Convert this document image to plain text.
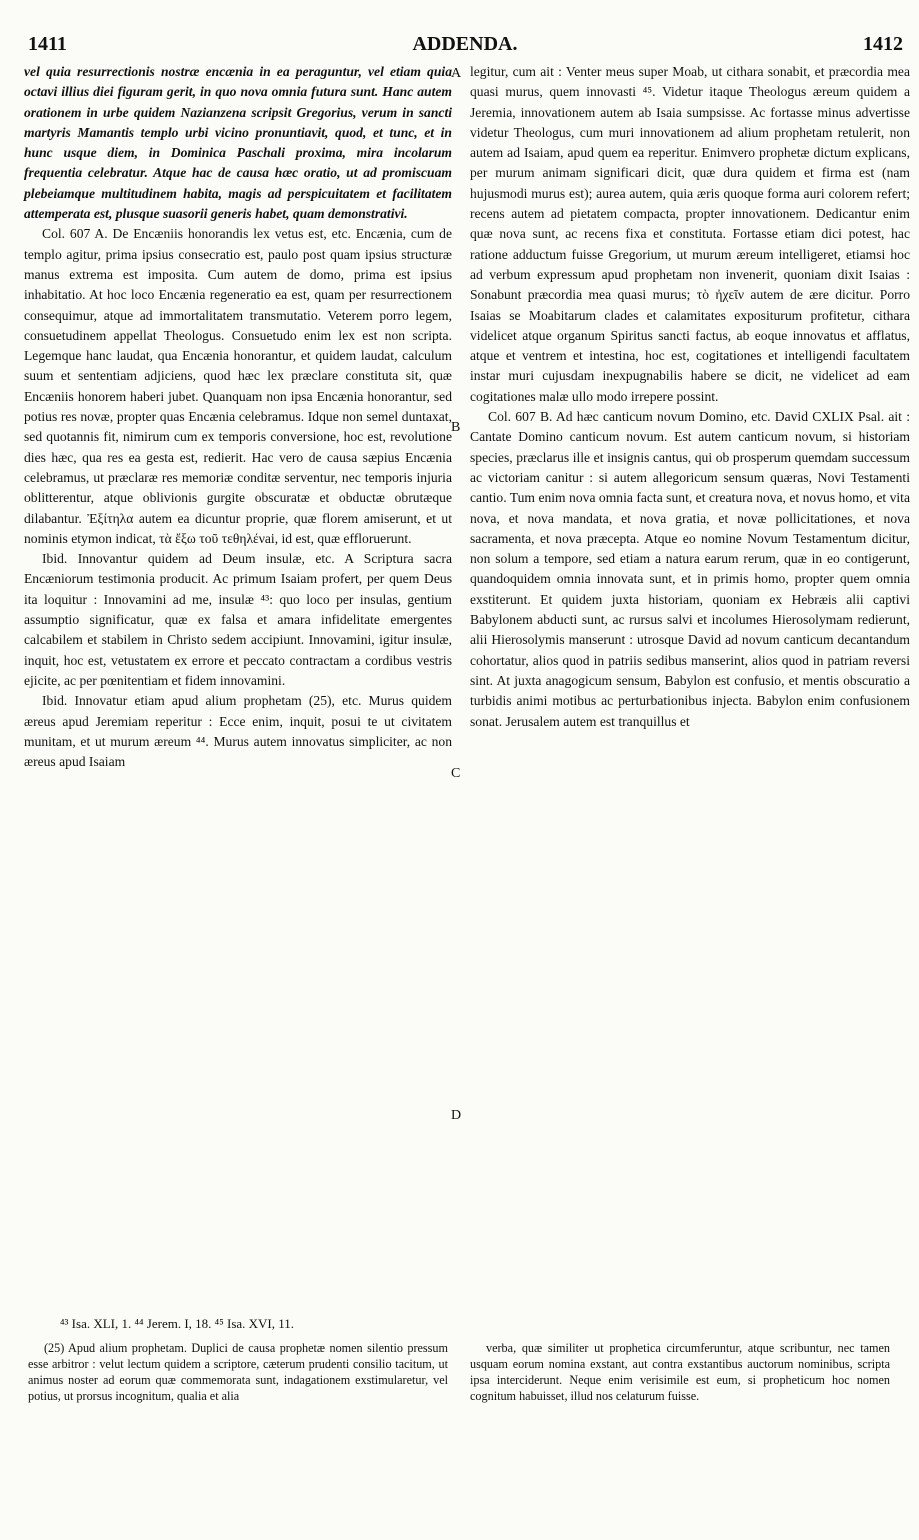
1411	ADDENDA.	1412

vel quia resurrectionis nostræ encænia in ea peraguntur, vel etiam quia octavi illius diei figuram gerit, in quo nova omnia futura sunt. Hanc autem orationem in urbe quidem Nazianzena scripsit Gregorius, verum in sancti martyris Mamantis templo urbi vicino pronuntiavit, quod, et tunc, et in hunc usque diem, in Dominica Paschali proxima, mira incolarum frequentia celebratur. Atque hac de causa hæc oratio, ut ad promiscuam plebeiamque multitudinem habita, magis ad perspicuitatem et facilitatem attemperata est, plusque suasorii generis habet, quam demonstrativi.

Col. 607 A. De Encæniis honorandis lex vetus est, etc. Encænia, cum de templo agitur, prima ipsius consecratio est, paulo post quam ipsius structuræ manus extrema est imposita. Cum autem de domo, prima est ipsius inhabitatio. At hoc loco Encænia regeneratio ea est, quam per resurrectionem consequimur, atque ad immortalitatem transmutatio. Veterem porro legem, consuetudinem appellat Theologus. Consuetudo enim lex est non scripta. Legemque hanc laudat, qua Encænia honorantur, et quidem laudat, calculum suum et sententiam adjiciens, quod hæc lex præclare constituta sit, quæ Encæniis honorem haberi jubet. Quanquam non ipsa Encænia honorantur, sed potius res novæ, propter quas Encænia celebramus. Idque non semel duntaxat, sed quotannis fit, nimirum cum ex temporis conversione, hoc est, revolutione dies hæc, qua res ea gesta est, redierit. Hac vero de causa sæpius Encænia celebramus, ut præclaræ res memoriæ conditæ serventur, nec temporis injuria oblitterentur, atque oblivionis gurgite obscuratæ et obductæ obrutæque dilabantur. Ἐξίτηλα autem ea dicuntur proprie, quæ florem amiserunt, et ut nominis etymon indicat, τὰ ἔξω τοῦ τεθηλένai, id est, quæ effloruerunt.

Ibid. Innovantur quidem ad Deum insulæ, etc. A Scriptura sacra Encæniorum testimonia producit. Ac primum Isaiam profert, per quem Deus ita loquitur : Innovamini ad me, insulæ ⁴³: quo loco per insulas, gentium assumptio significatur, quæ ex falsa et amara infidelitate emergentes calcabilem et stabilem in Christo sedem accipiunt. Innovamini, igitur insulæ, inquit, hoc est, vetustatem ex errore et peccato contractam a cordibus vestris ejicite, ac per pœnitentiam et fidem innovamini.

Ibid. Innovatur etiam apud alium prophetam (25), etc. Murus quidem æreus apud Jeremiam reperitur : Ecce enim, inquit, posui te ut civitatem munitam, et ut murum æreum ⁴⁴. Murus autem innovatus simpliciter, ac non æreus apud Isaiam

A
B
C
D

legitur, cum ait : Venter meus super Moab, ut cithara sonabit, et præcordia mea quasi murus, quem innovasti ⁴⁵. Videtur itaque Theologus æreum quidem a Jeremia, innovationem autem ab Isaia sumpsisse. Ac fortasse minus advertisse videtur Theologus, cum muri innovationem ad alium prophetam retulerit, non autem ad Isaiam, apud quem ea reperitur. Enimvero prophetæ dictum explicans, per murum animam significari dicit, quæ dura quidem et firma est (nam hujusmodi murus est); aurea autem, quia æris quoque forma auri colorem refert; recens autem ad pietatem compacta, propter innovationem. Dedicantur enim quæ nova sunt, ac recens fixa et constituta. Fortasse etiam dici potest, hac ratione adductum fuisse Gregorium, ut murum æreum intelligeret, etiamsi hoc ad verbum expressum apud prophetam non invenerit, quoniam dixit Isaias : Sonabunt præcordia mea quasi murus; τὸ ἠχεῖν autem de ære dicitur. Porro Isaias se Moabitarum clades et calamitates expositurum profitetur, cithara videlicet atque organum Spiritus sancti factus, ab eoque innovatus et afflatus, atque et ventrem et intestina, hoc est, cogitationes et intelligendi facultatem instar muri cujusdam inexpugnabilis habere se dicit, ne videlicet ad eam cogitationes malæ ullo modo irrepere possint.

Col. 607 B. Ad hæc canticum novum Domino, etc. David CXLIX Psal. ait : Cantate Domino canticum novum. Est autem canticum novum, si historiam species, præclarus ille et insignis cantus, qui ob prosperum quemdam successum ac victoriam canitur : si autem allegoricum sensum quæras, Novi Testamenti cantio. Tum enim nova omnia facta sunt, et creatura nova, et novus homo, et vita nova, et nova mandata, et nova gratia, et novæ pollicitationes, et nova sacramenta, et nova præcepta. Atque eo nomine Novum Testamentum dicitur, non solum a tempore, sed etiam a natura earum rerum, quæ in eo contigerunt, quandoquidem omnia innovata sunt, et in primis homo, propter quem omnia exstiterunt. Et quidem juxta historiam, quoniam ex Hebræis alii captivi Babylonem abducti sunt, ac rursus salvi et incolumes Hierosolymam redierunt, alii Hierosolymis manserunt : utrosque David ad novum canticum decantandum cohortatur, alios quod in patriis sedibus manserint, alios quod in patriam reversi sint. At juxta anagogicum sensum, Babylon est confusio, et mentis obscuratio a turbidis animi motibus ac perturbationibus injecta. Babylon enim confusionem sonat. Jerusalem autem est tranquillus et

⁴³ Isa. XLI, 1. ⁴⁴ Jerem. I, 18. ⁴⁵ Isa. XVI, 11.

(25) Apud alium prophetam. Duplici de causa prophetæ nomen silentio pressum esse arbitror : velut lectum quidem a scriptore, cæterum prudenti consilio tacitum, ut animus noster ad eorum quæ commemorata sunt, indagationem exstimularetur, vel potius, ut prorsus incognitum, qualia et alia

verba, quæ similiter ut prophetica circumferuntur, atque scribuntur, nec tamen usquam eorum nomina exstant, aut contra exstantibus auctorum nominibus, scripta ipsa interciderunt. Neque enim verisimile est eum, si propheticum hoc nomen cognitum habuisset, illud nos celaturum fuisse.
